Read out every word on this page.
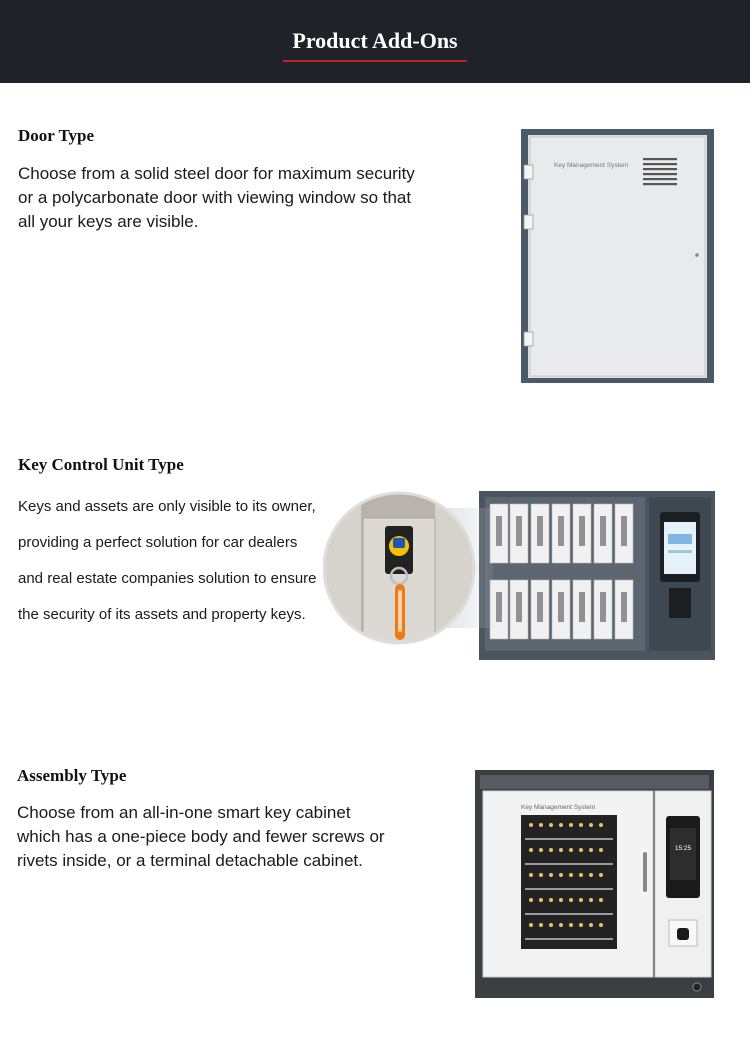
Product Add-Ons
Door Type

Choose from a solid steel door for maximum security or a polycarbonate door with viewing window so that all your keys are visible.

Key Management System
Key Control Unit Type

Keys and assets are only visible to its owner, providing a perfect solution for car dealers and real estate companies solution to ensure the security of its assets and property keys.

Assembly Type

Choose from an all-in-one smart key cabinet which has a one-piece body and fewer screws or rivets inside, or a terminal detachable cabinet.

Key Management System
15:25
